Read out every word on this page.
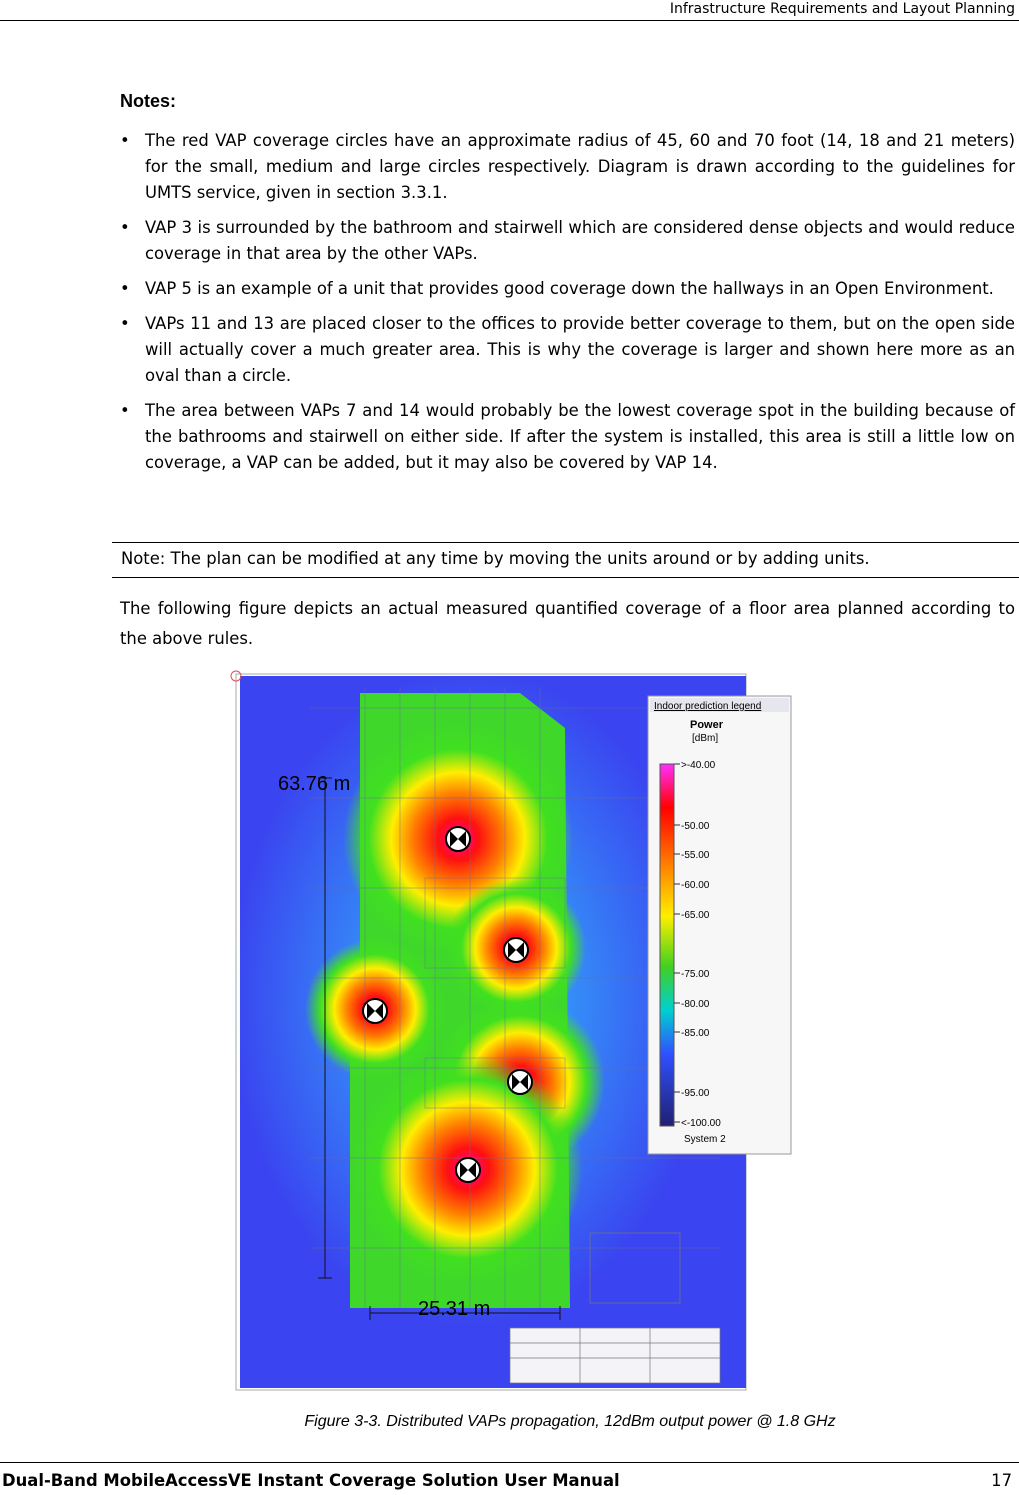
Infrastructure Requirements and Layout Planning
Notes:
• The red VAP coverage circles have an approximate radius of 45, 60 and 70 foot (14, 18 and 21 meters) for the small, medium and large circles respectively. Diagram is drawn according to the guidelines for UMTS service, given in section 3.3.1.
• VAP 3 is surrounded by the bathroom and stairwell which are considered dense objects and would reduce coverage in that area by the other VAPs.
• VAP 5 is an example of a unit that provides good coverage down the hallways in an Open Environment.
• VAPs 11 and 13 are placed closer to the offices to provide better coverage to them, but on the open side will actually cover a much greater area. This is why the coverage is larger and shown here more as an oval than a circle.
• The area between VAPs 7 and 14 would probably be the lowest coverage spot in the building because of the bathrooms and stairwell on either side. If after the system is installed, this area is still a little low on coverage, a VAP can be added, but it may also be covered by VAP 14.
Note: The plan can be modified at any time by moving the units around or by adding units.
The following figure depicts an actual measured quantified coverage of a floor area planned according to the above rules.
63.76 m
25.31 m
Indoor prediction legend
Power
[dBm]
>-40.00
-50.00
-55.00
-60.00
-65.00
-75.00
-80.00
-85.00
-95.00
<-100.00
System 2
Figure 3-3. Distributed VAPs propagation, 12dBm output power @ 1.8 GHz
Dual-Band MobileAccessVE Instant Coverage Solution User Manual	17
